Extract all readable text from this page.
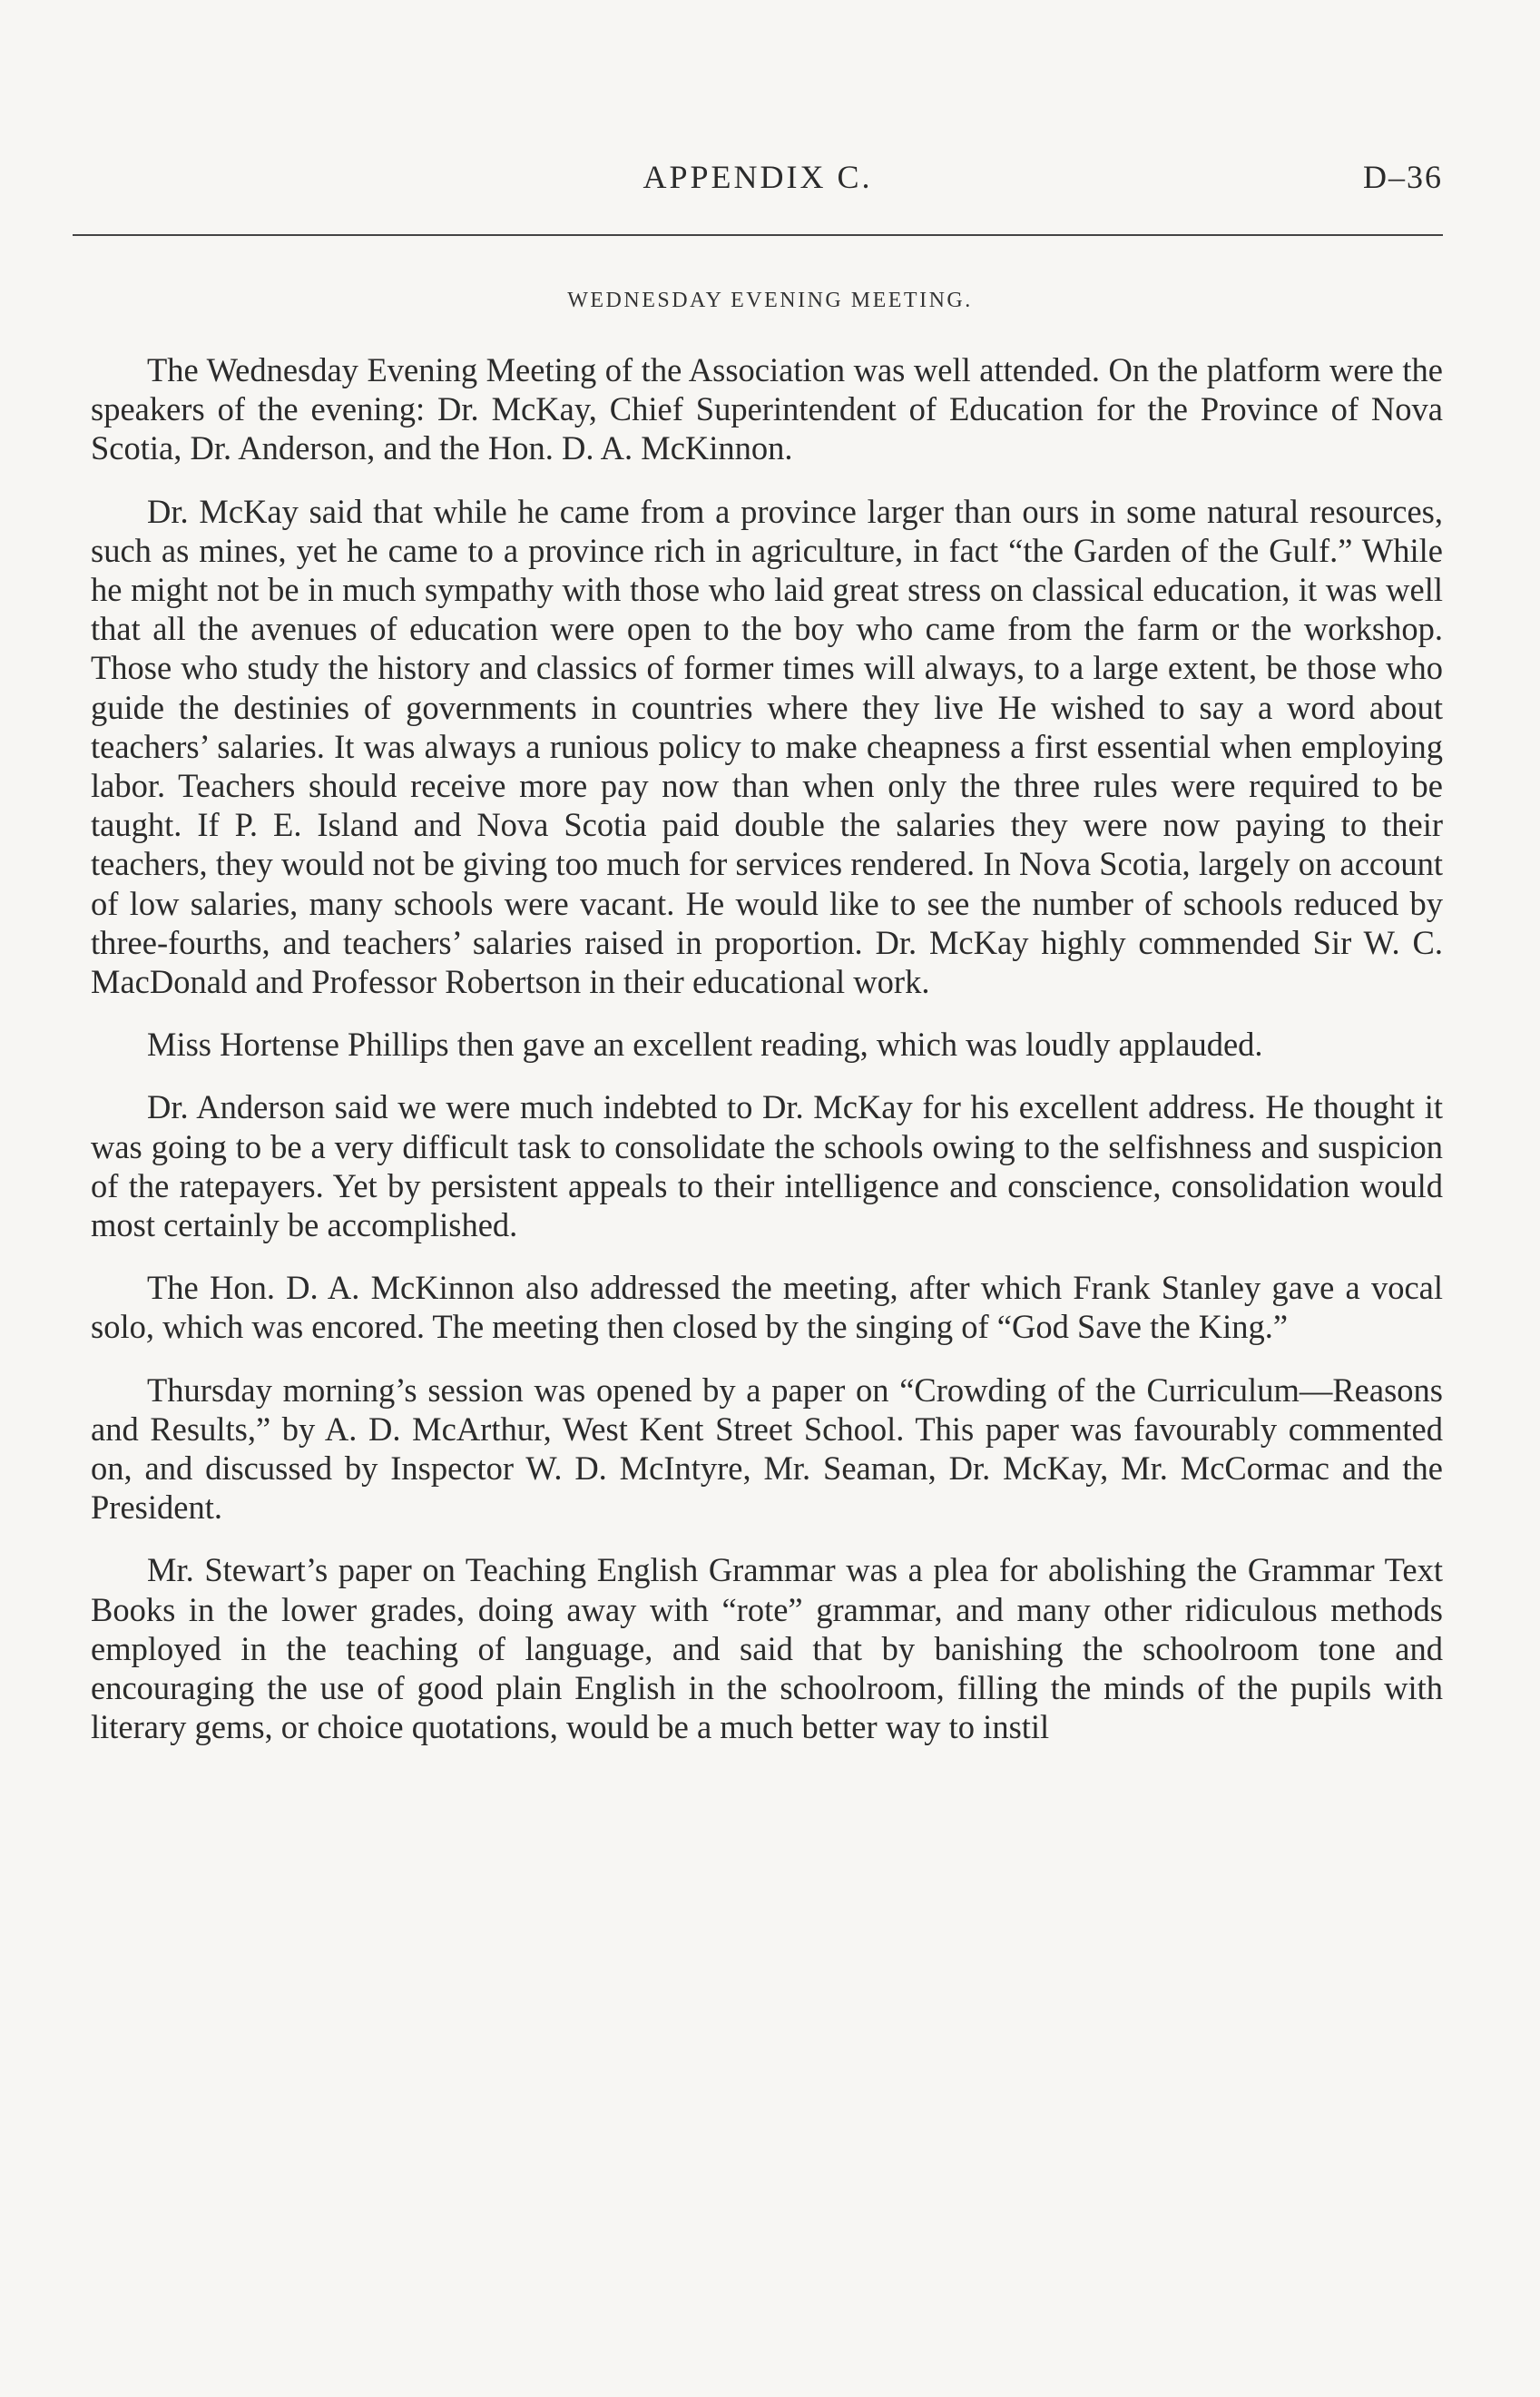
APPENDIX C.	D–36
WEDNESDAY EVENING MEETING.

The Wednesday Evening Meeting of the Association was well attended. On the platform were the speakers of the evening: Dr. McKay, Chief Superintendent of Education for the Province of Nova Scotia, Dr. Anderson, and the Hon. D. A. McKinnon.

Dr. McKay said that while he came from a province larger than ours in some natural resources, such as mines, yet he came to a province rich in agriculture, in fact “the Garden of the Gulf.” While he might not be in much sympathy with those who laid great stress on classical education, it was well that all the avenues of education were open to the boy who came from the farm or the workshop. Those who study the history and classics of former times will always, to a large extent, be those who guide the destinies of governments in countries where they live He wished to say a word about teachers’ salaries. It was always a runious policy to make cheapness a first essential when employing labor. Teachers should receive more pay now than when only the three rules were required to be taught. If P. E. Island and Nova Scotia paid double the salaries they were now paying to their teachers, they would not be giving too much for services rendered. In Nova Scotia, largely on account of low salaries, many schools were vacant. He would like to see the number of schools reduced by three-fourths, and teachers’ salaries raised in proportion. Dr. McKay highly commended Sir W. C. MacDonald and Professor Robertson in their educational work.

Miss Hortense Phillips then gave an excellent reading, which was loudly applauded.

Dr. Anderson said we were much indebted to Dr. McKay for his excellent address. He thought it was going to be a very difficult task to consolidate the schools owing to the selfishness and suspicion of the ratepayers. Yet by persistent appeals to their intelligence and conscience, consolidation would most certainly be accomplished.

The Hon. D. A. McKinnon also addressed the meeting, after which Frank Stanley gave a vocal solo, which was encored. The meeting then closed by the singing of “God Save the King.”

Thursday morning’s session was opened by a paper on “Crowding of the Curriculum—Reasons and Results,” by A. D. McArthur, West Kent Street School. This paper was favourably commented on, and discussed by Inspector W. D. McIntyre, Mr. Seaman, Dr. McKay, Mr. McCormac and the President.

Mr. Stewart’s paper on Teaching English Grammar was a plea for abolishing the Grammar Text Books in the lower grades, doing away with “rote” grammar, and many other ridiculous methods employed in the teaching of language, and said that by banishing the schoolroom tone and encouraging the use of good plain English in the schoolroom, filling the minds of the pupils with literary gems, or choice quotations, would be a much better way to instil
